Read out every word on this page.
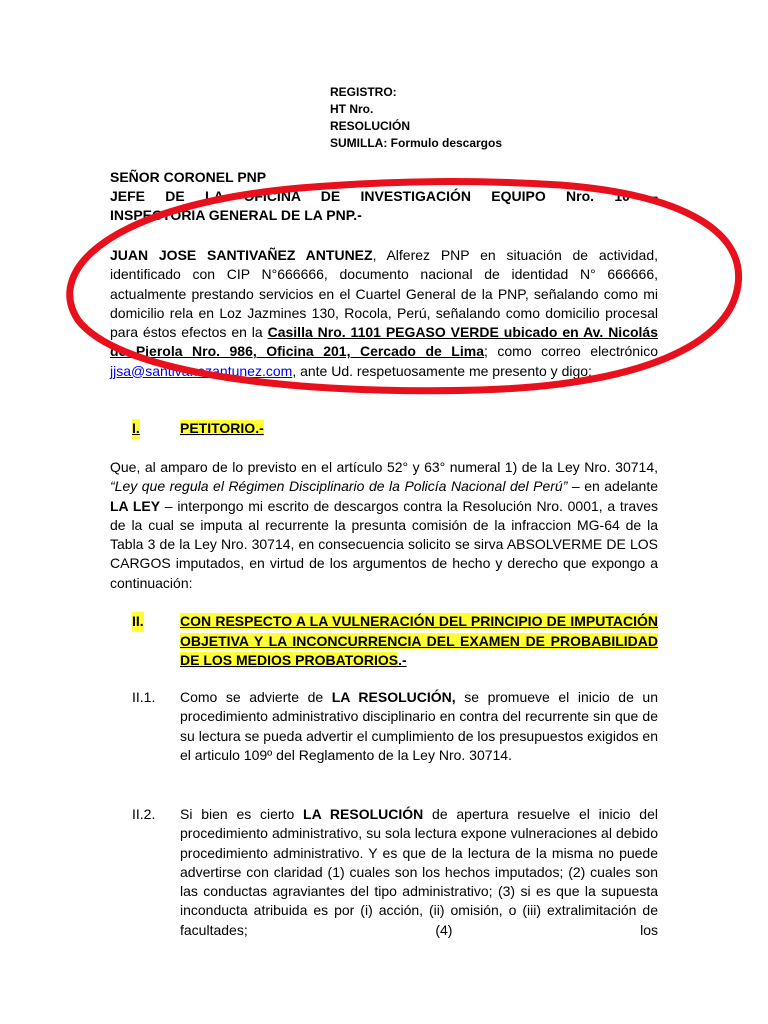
REGISTRO:
HT Nro.
RESOLUCIÓN
SUMILLA: Formulo descargos
SEÑOR CORONEL PNP
JEFE DE LA OFICINA DE INVESTIGACIÓN EQUIPO Nro. 10 –
INSPECTORIA GENERAL DE LA PNP.-

JUAN JOSE SANTIVAÑEZ ANTUNEZ, Alferez PNP en situación de actividad, identificado con CIP N°666666, documento nacional de identidad N° 666666, actualmente prestando servicios en el Cuartel General de la PNP, señalando como mi domicilio rela en Loz Jazmines 130, Rocola, Perú, señalando como domicilio procesal para éstos efectos en la Casilla Nro. 1101 PEGASO VERDE ubicado en Av. Nicolás de Pierola Nro. 986, Oficina 201, Cercado de Lima; como correo electrónico jjsa@santivanezantunez.com, ante Ud. respetuosamente me presento y digo:

I.	PETITORIO.-

Que, al amparo de lo previsto en el artículo 52° y 63° numeral 1) de la Ley Nro. 30714, “Ley que regula el Régimen Disciplinario de la Policía Nacional del Perú” – en adelante LA LEY – interpongo mi escrito de descargos contra la Resolución Nro. 0001, a traves de la cual se imputa al recurrente la presunta comisión de la infraccion MG-64 de la Tabla 3 de la Ley Nro. 30714, en consecuencia solicito se sirva ABSOLVERME DE LOS CARGOS imputados, en virtud de los argumentos de hecho y derecho que expongo a continuación:

II.	CON RESPECTO A LA VULNERACIÓN DEL PRINCIPIO DE IMPUTACIÓN OBJETIVA Y LA INCONCURRENCIA DEL EXAMEN DE PROBABILIDAD DE LOS MEDIOS PROBATORIOS.-
II.1. Como se advierte de LA RESOLUCIÓN, se promueve el inicio de un procedimiento administrativo disciplinario en contra del recurrente sin que de su lectura se pueda advertir el cumplimiento de los presupuestos exigidos en el articulo 109º del Reglamento de la Ley Nro. 30714.
II.2. Si bien es cierto LA RESOLUCIÓN de apertura resuelve el inicio del procedimiento administrativo, su sola lectura expone vulneraciones al debido procedimiento administrativo. Y es que de la lectura de la misma no puede advertirse con claridad (1) cuales son los hechos imputados; (2) cuales son las conductas agraviantes del tipo administrativo; (3) si es que la supuesta inconducta atribuida es por (i) acción, (ii) omisión, o (iii) extralimitación de facultades; (4) los
